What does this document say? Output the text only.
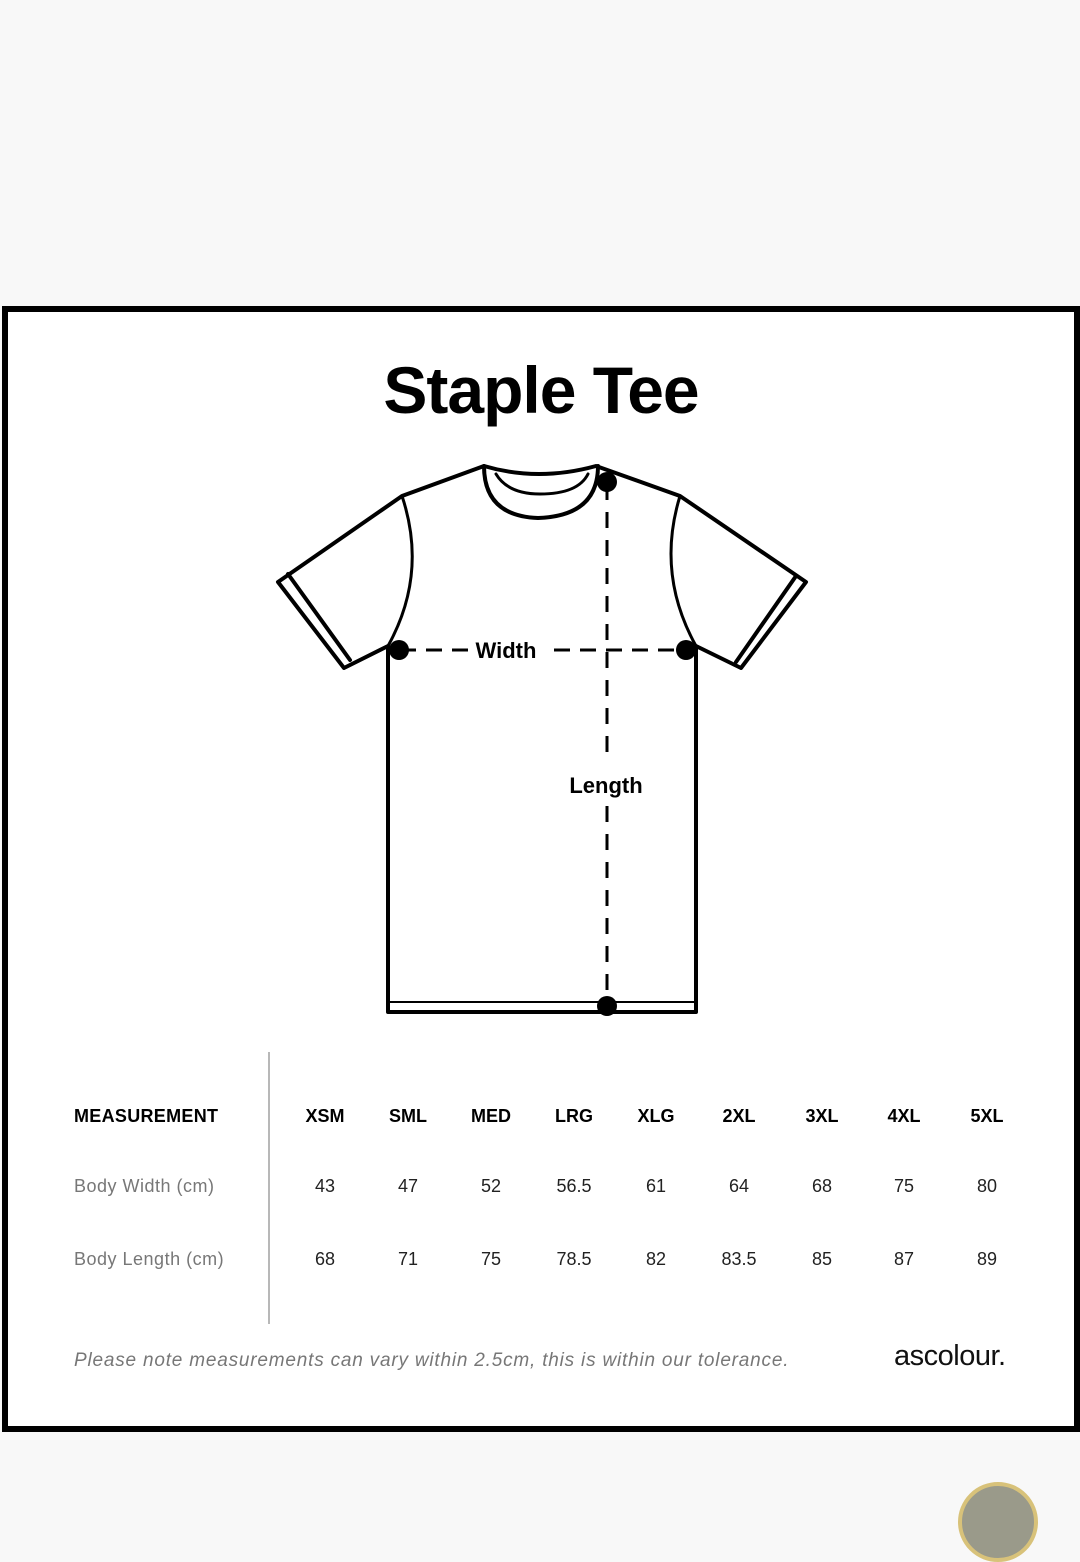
Staple Tee
Width
Length
MEASUREMENT	XSM	SML	MED	LRG	XLG	2XL	3XL	4XL	5XL
Body Width (cm)	43	47	52	56.5	61	64	68	75	80
Body Length (cm)	68	71	75	78.5	82	83.5	85	87	89
Please note measurements can vary within 2.5cm, this is within our tolerance.	ascolour.
